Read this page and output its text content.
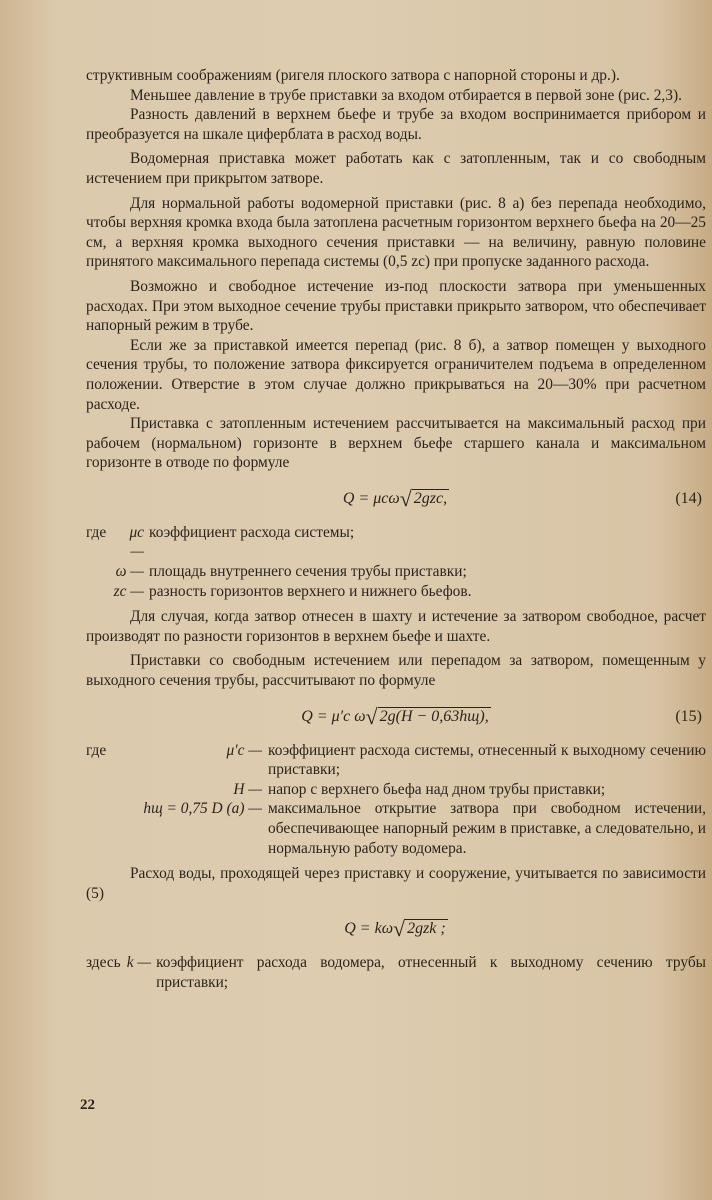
структивным соображениям (ригеля плоского затвора с напорной стороны и др.).

Меньшее давление в трубе приставки за входом отбирается в первой зоне (рис. 2,3).

Разность давлений в верхнем бьефе и трубе за входом воспринимается прибором и преобразуется на шкале циферблата в расход воды.

Водомерная приставка может работать как с затопленным, так и со свободным истечением при прикрытом затворе.

Для нормальной работы водомерной приставки (рис. 8 а) без перепада необходимо, чтобы верхняя кромка входа была затоплена расчетным горизонтом верхнего бьефа на 20—25 см, а верхняя кромка выходного сечения приставки — на величину, равную половине принятого максимального перепада системы (0,5 zc) при пропуске заданного расхода.

Возможно и свободное истечение из-под плоскости затвора при уменьшенных расходах. При этом выходное сечение трубы приставки прикрыто затвором, что обеспечивает напорный режим в трубе.

Если же за приставкой имеется перепад (рис. 8 б), а затвор помещен у выходного сечения трубы, то положение затвора фиксируется ограничителем подъема в определенном положении. Отверстие в этом случае должно прикрываться на 20—30% при расчетном расходе.

Приставка с затопленным истечением рассчитывается на максимальный расход при рабочем (нормальном) горизонте в верхнем бьефе старшего канала и максимальном горизонте в отводе по формуле

Q = μcω√ 2gzc,	(14)
где	μc —
коэффициент расхода системы;
ω — площадь внутреннего сечения трубы приставки;
zc — разность горизонтов верхнего и нижнего бьефов.

Для случая, когда затвор отнесен в шахту и истечение за затвором свободное, расчет производят по разности горизонтов в верхнем бьефе и шахте.

Приставки со свободным истечением или перепадом за затвором, помещенным у выходного сечения трубы, рассчитывают по формуле

Q = μ′c ω√ 2g(H − 0,63hщ),	(15)
где	μ′c — коэффициент расхода системы, отнесенный к выходному сечению приставки;
H — напор с верхнего бьефа над дном трубы приставки;
hщ = 0,75 D (a) — максимальное открытие затвора при свободном истечении, обеспечивающее напорный режим в приставке, а следовательно, и нормальную работу водомера.

Расход воды, проходящей через приставку и сооружение, учитывается по зависимости (5)

Q = kω√ 2gzk ;
здесь k — коэффициент расхода водомера, отнесенный к выходному сечению трубы приставки;
22
